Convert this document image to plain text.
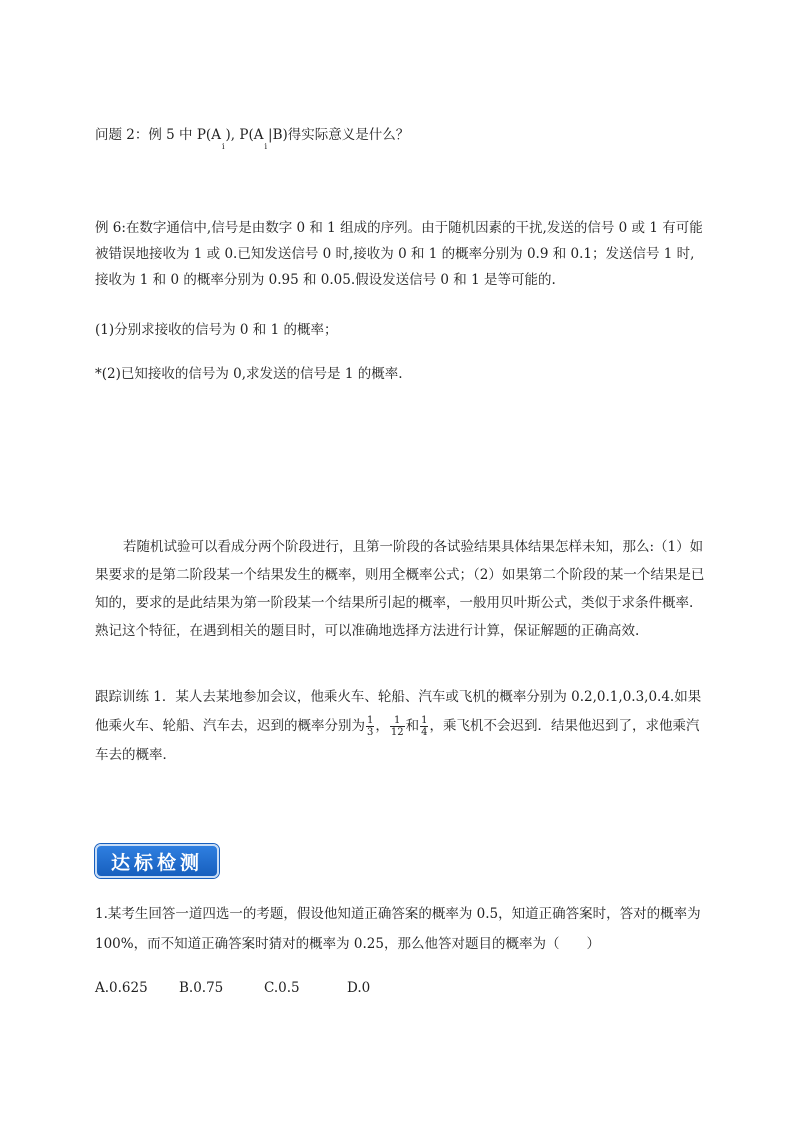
问题 2：例 5 中 $P(A_i)$, $P(A_i|B)$得实际意义是什么？

例 6:在数字通信中,信号是由数字 0 和 1 组成的序列。由于随机因素的干扰,发送的信号 0 或 1 有可能被错误地接收为 1 或 0.已知发送信号 0 时,接收为 0 和 1 的概率分别为 0.9 和 0.1；发送信号 1 时,接收为 1 和 0 的概率分别为 0.95 和 0.05.假设发送信号 0 和 1 是等可能的.

(1)分别求接收的信号为 0 和 1 的概率；

*(2)已知接收的信号为 0,求发送的信号是 1 的概率.

若随机试验可以看成分两个阶段进行，且第一阶段的各试验结果具体结果怎样未知，那么:（1）如果要求的是第二阶段某一个结果发生的概率，则用全概率公式；（2）如果第二个阶段的某一个结果是已知的，要求的是此结果为第一阶段某一个结果所引起的概率，一般用贝叶斯公式，类似于求条件概率. 熟记这个特征，在遇到相关的题目时，可以准确地选择方法进行计算，保证解题的正确高效.

跟踪训练 1．某人去某地参加会议，他乘火车、轮船、汽车或飞机的概率分别为 0.2,0.1,0.3,0.4.如果他乘火车、轮船、汽车去，迟到的概率分别为 $\frac{1}{3}$ ， $\frac{1}{12}$ 和 $\frac{1}{4}$ ，乘飞机不会迟到．结果他迟到了，求他乘汽车去的概率．

达标检测

1.某考生回答一道四选一的考题，假设他知道正确答案的概率为 0.5，知道正确答案时，答对的概率为 100%，而不知道正确答案时猜对的概率为 0.25，那么他答对题目的概率为（　　）

A.0.625 B.0.75	C.0.5	D.0
